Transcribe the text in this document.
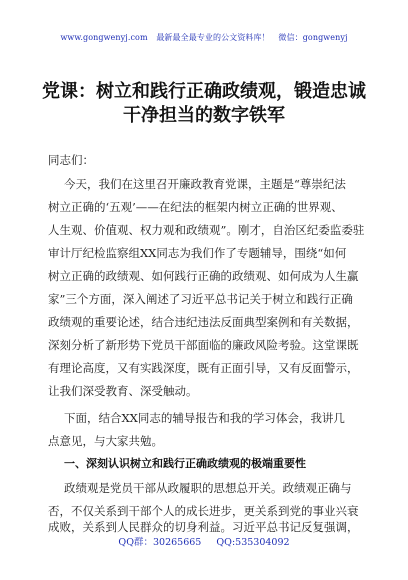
www.gongwenyj.com 最新最全最专业的公文资料库！ 微信：gongwenyj
党课：树立和践行正确政绩观，锻造忠诚
干净担当的数字铁军
同志们：
今天，我们在这里召开廉政教育党课，主题是“尊崇纪法
树立正确的‘五观’——在纪法的框架内树立正确的世界观、
人生观、价值观、权力观和政绩观”。刚才，自治区纪委监委驻
审计厅纪检监察组XX同志为我们作了专题辅导，围绕“如何
树立正确的政绩观、如何践行正确的政绩观、如何成为人生赢
家”三个方面，深入阐述了习近平总书记关于树立和践行正确
政绩观的重要论述，结合违纪违法反面典型案例和有关数据，
深刻分析了新形势下党员干部面临的廉政风险考验。这堂课既
有理论高度，又有实践深度，既有正面引导，又有反面警示，
让我们深受教育、深受触动。
下面，结合XX同志的辅导报告和我的学习体会，我讲几
点意见，与大家共勉。
一、深刻认识树立和践行正确政绩观的极端重要性
政绩观是党员干部从政履职的思想总开关。政绩观正确与
否，不仅关系到干部个人的成长进步，更关系到党的事业兴衰
成败，关系到人民群众的切身利益。习近平总书记反复强调，
QQ群：30265665 QQ:535304092
